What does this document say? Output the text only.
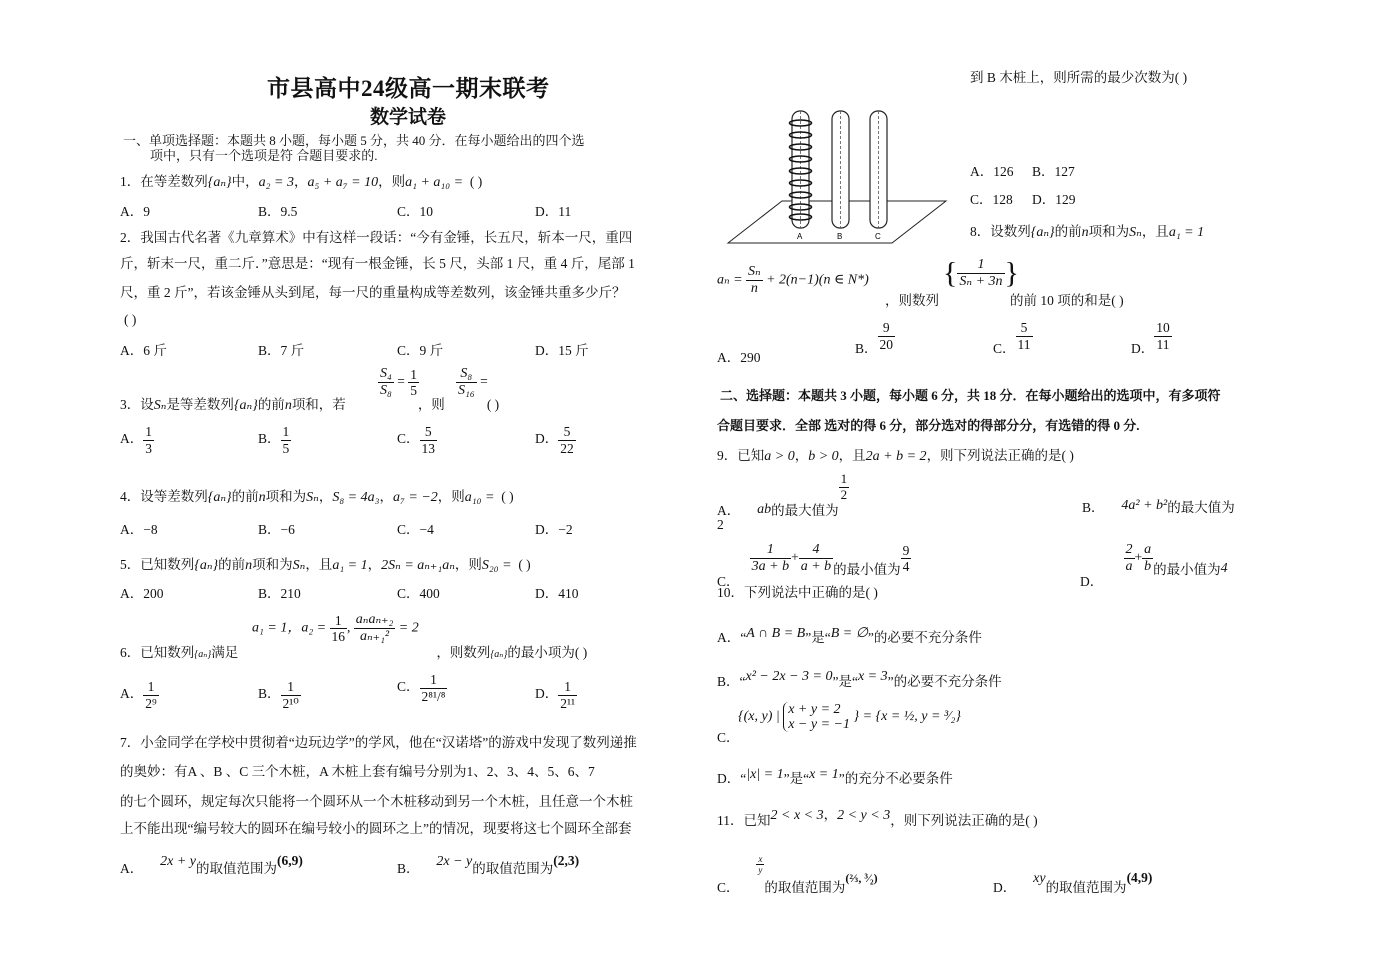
市县高中24级高一期末联考
数学试卷
一、单项选择题：本题共 8 小题，每小题 5 分，共 40 分．在每小题给出的四个选
项中，只有一个选项是符 合题目要求的.
1．在等差数列{aₙ}中，a₂ = 3，a₅ + a₇ = 10，则a₁ + a₁₀ = ( )
A．9	B．9.5	C．10	D．11
2．我国古代名著《九章算术》中有这样一段话：“今有金锤，长五尺，斩本一尺，重四
斤，斩末一尺，重二斤．”意思是：“现有一根金锤，长 5 尺，头部 1 尺，重 4 斤，尾部 1
尺，重 2 斤”，若该金锤从头到尾，每一尺的重量构成等差数列，该金锤共重多少斤？
( )
A．6 斤	B．7 斤	C．9 斤	D．15 斤
$\frac{\text{S₄}}{\text{S₈}} = \frac{1}{5}$	$\frac{\text{S₈}}{\text{S₁₆}}$ =
3．设Sₙ是等差数列{aₙ}的前n项和，若	，则	( )
A． $\frac{1}{3}$	B． $\frac{1}{5}$	C． $\frac{5}{13}$	D． $\frac{5}{22}$
4．设等差数列{aₙ}的前n项和为Sₙ，S₈ = 4a₃，a₇ = −2，则a₁₀ = ( )
A．−8	B．−6	C．−4	D．−2
5．已知数列{aₙ}的前n项和为Sₙ，且a₁ = 1，2Sₙ = aₙ₊₁aₙ，则S₂₀ = ( )
A．200	B．210	C．400	D．410
a₁ = 1，$a_2 = \frac{1}{16}$ , $\frac{\text{aₙaₙ₊₂}}{\text{aₙ₊₁²}} = 2$
6．已知数列{aₙ}满足	，则数列{aₙ}的最小项为( )
A． $\frac{1}{\text{2⁹}}$	B． $\frac{1}{\text{2¹⁰}}$	C． $\frac{1}{\text{2⁸¹/⁸}}$	D． $\frac{1}{\text{2¹¹}}$
7．小金同学在学校中贯彻着“边玩边学”的学风，他在“汉诺塔”的游戏中发现了数列递推
的奥妙：有A 、B 、C 三个木桩，A 木桩上套有编号分别为1、2、3、4、5、6、7
的七个圆环，规定每次只能将一个圆环从一个木桩移动到另一个木桩，且任意一个木桩
上不能出现“编号较大的圆环在编号较小的圆环之上”的情况，现要将这七个圆环全部套
A． 2x + y的取值范围为(6,9)
B． 2x − y的取值范围为(2,3)
到 B 木桩上，则所需的最少次数为( )
A	B	C
A．126 B．127
C．128 D．129
8．设数列{aₙ}的前n项和为Sₙ，且a₁ = 1
$a_n = \frac{\text{Sₙ}}{n} + 2(n-1)(n$ ∈ N*)
，则数列
{ $\frac{1}{\text{Sₙ + 3n}}$ }
的前 10 项的和是( )
A．290
B． $\frac{9}{20}$	C． $\frac{5}{11}$	D． $\frac{10}{11}$
二、选择题：本题共 3 小题，每小题 6 分，共 18 分．在每小题给出的选项中，有多项符
合题目要求．全部 选对的得 6 分，部分选对的得部分分，有选错的得 0 分.
9．已知a > 0，b > 0，且2a + b = 2，则下列说法正确的是( )
A． ab的最大值为
$\frac{1}{2}$
B． 4a² + b²的最大值为
2
C．
$\frac{1}{3a + b} + \frac{4}{a + b}$ 的最小值为 $\frac{9}{4}$
D．
$\frac{2}{a} + \frac{a}{b}$ 的最小值为4
10．下列说法中正确的是( )
A．“A ∩ B = B”是“B = ∅”的必要不充分条件
B．“x² − 2x − 3 = 0”是“x = 3”的必要不充分条件
C．
{(x, y) | x + y = 2
x − y = −1
} = {x = ½, y = ³⁄₂}
D．“|x| = 1”是“x = 1”的充分不必要条件
11．已知2 < x < 3，2 < y < 3，则下列说法正确的是( )
C．
$\frac{x}{y}$
的取值范围为(⅔, ³⁄₂)
D．     xy的取值范围为(4,9)
